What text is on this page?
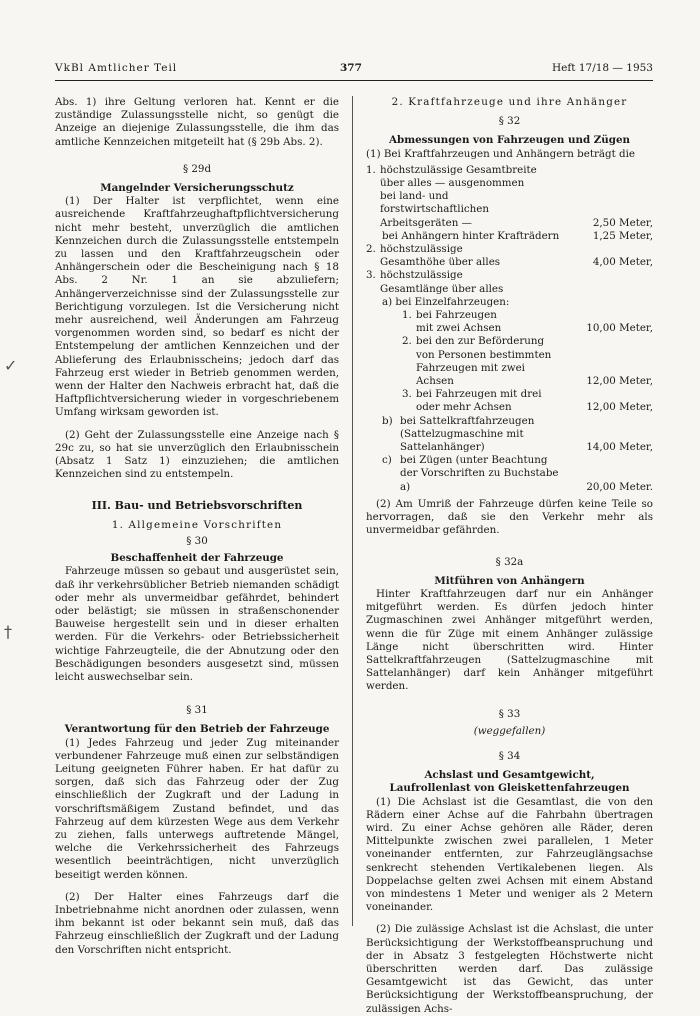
VkBl Amtlicher Teil	377	Heft 17/18 — 1953
✓
†

Abs. 1) ihre Geltung verloren hat. Kennt er die zuständige Zulassungsstelle nicht, so genügt die Anzeige an diejenige Zulassungsstelle, die ihm das amtliche Kennzeichen mitgeteilt hat (§ 29b Abs. 2).

§ 29d
Mangelnder Versicherungsschutz

(1) Der Halter ist verpflichtet, wenn eine ausreichende Kraftfahrzeughaftpflichtversicherung nicht mehr besteht, unverzüglich die amtlichen Kennzeichen durch die Zulassungsstelle entstempeln zu lassen und den Kraftfahrzeugschein oder Anhängerschein oder die Bescheinigung nach § 18 Abs. 2 Nr. 1 an sie abzuliefern; Anhängerverzeichnisse sind der Zulassungsstelle zur Berichtigung vorzulegen. Ist die Versicherung nicht mehr ausreichend, weil Änderungen am Fahrzeug vorgenommen worden sind, so bedarf es nicht der Entstempelung der amtlichen Kennzeichen und der Ablieferung des Erlaubnisscheins; jedoch darf das Fahrzeug erst wieder in Betrieb genommen werden, wenn der Halter den Nachweis erbracht hat, daß die Haftpflichtversicherung wieder in vorgeschriebenem Umfang wirksam geworden ist.

(2) Geht der Zulassungsstelle eine Anzeige nach § 29c zu, so hat sie unverzüglich den Erlaubnisschein (Absatz 1 Satz 1) einzuziehen; die amtlichen Kennzeichen sind zu entstempeln.

III. Bau- und Betriebsvorschriften
1. Allgemeine Vorschriften
§ 30
Beschaffenheit der Fahrzeuge

Fahrzeuge müssen so gebaut und ausgerüstet sein, daß ihr verkehrsüblicher Betrieb niemanden schädigt oder mehr als unvermeidbar gefährdet, behindert oder belästigt; sie müssen in straßenschonender Bauweise hergestellt sein und in dieser erhalten werden. Für die Verkehrs- oder Betriebssicherheit wichtige Fahrzeugteile, die der Abnutzung oder den Beschädigungen besonders ausgesetzt sind, müssen leicht auswechselbar sein.

§ 31
Verantwortung für den Betrieb der Fahrzeuge

(1) Jedes Fahrzeug und jeder Zug miteinander verbundener Fahrzeuge muß einen zur selbständigen Leitung geeigneten Führer haben. Er hat dafür zu sorgen, daß sich das Fahrzeug oder der Zug einschließlich der Zugkraft und der Ladung in vorschriftsmäßigem Zustand befindet, und das Fahrzeug auf dem kürzesten Wege aus dem Verkehr zu ziehen, falls unterwegs auftretende Mängel, welche die Verkehrssicherheit des Fahrzeugs wesentlich beeinträchtigen, nicht unverzüglich beseitigt werden können.

(2) Der Halter eines Fahrzeugs darf die Inbetriebnahme nicht anordnen oder zulassen, wenn ihm bekannt ist oder bekannt sein muß, daß das Fahrzeug einschließlich der Zugkraft und der Ladung den Vorschriften nicht entspricht.

2. Kraftfahrzeuge und ihre Anhänger
§ 32
Abmessungen von Fahrzeugen und Zügen

(1) Bei Kraftfahrzeugen und Anhängern beträgt die

1. höchstzulässige Gesamtbreite über alles — ausgenommen bei land- und forstwirtschaftlichen Arbeitsgeräten —	2,50 Meter,
bei Anhängern hinter Krafträdern	1,25 Meter,
2. höchstzulässige Gesamthöhe über alles	4,00 Meter,
3. höchstzulässige Gesamtlänge über alles
a) bei Einzelfahrzeugen:
1. bei Fahrzeugen mit zwei Achsen	10,00 Meter,
2. bei den zur Beförderung von Personen bestimmten Fahrzeugen mit zwei Achsen	12,00 Meter,
3. bei Fahrzeugen mit drei oder mehr Achsen	12,00 Meter,
b) bei Sattelkraftfahrzeugen (Sattelzugmaschine mit Sattelanhänger)	14,00 Meter,
c) bei Zügen (unter Beachtung der Vorschriften zu Buchstabe a)	20,00 Meter.

(2) Am Umriß der Fahrzeuge dürfen keine Teile so hervorragen, daß sie den Verkehr mehr als unvermeidbar gefährden.

§ 32a
Mitführen von Anhängern

Hinter Kraftfahrzeugen darf nur ein Anhänger mitgeführt werden. Es dürfen jedoch hinter Zugmaschinen zwei Anhänger mitgeführt werden, wenn die für Züge mit einem Anhänger zulässige Länge nicht überschritten wird. Hinter Sattelkraftfahrzeugen (Sattelzugmaschine mit Sattelanhänger) darf kein Anhänger mitgeführt werden.

§ 33
(weggefallen)
§ 34
Achslast und Gesamtgewicht,
Laufrollenlast von Gleiskettenfahrzeugen

(1) Die Achslast ist die Gesamtlast, die von den Rädern einer Achse auf die Fahrbahn übertragen wird. Zu einer Achse gehören alle Räder, deren Mittelpunkte zwischen zwei parallelen, 1 Meter voneinander entfernten, zur Fahrzeuglängsachse senkrecht stehenden Vertikalebenen liegen. Als Doppelachse gelten zwei Achsen mit einem Abstand von mindestens 1 Meter und weniger als 2 Metern voneinander.

(2) Die zulässige Achslast ist die Achslast, die unter Berücksichtigung der Werkstoffbeanspruchung und der in Absatz 3 festgelegten Höchstwerte nicht überschritten werden darf. Das zulässige Gesamtgewicht ist das Gewicht, das unter Berücksichtigung der Werkstoffbeanspruchung, der zulässigen Achs-
